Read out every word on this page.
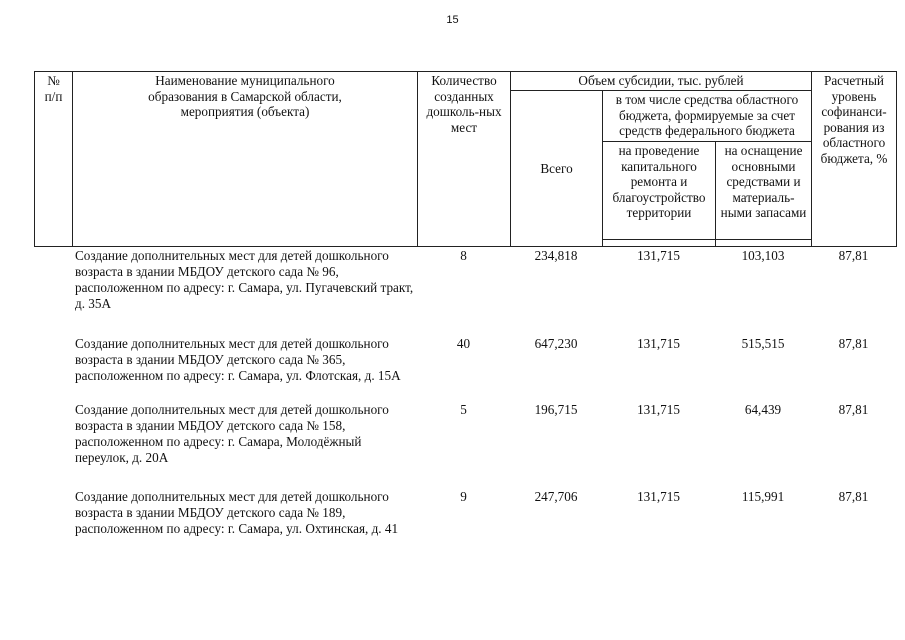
15
№
п/п	Наименование муниципального образования в Самарской области, мероприятия (объекта)	Количество созданных дошколь-ных мест	Объем субсидии, тыс. рублей			Расчетный уровень софинанси-рования из областного бюджета, %
			Всего	в том числе средства областного бюджета, формируемые за счет средств федерального бюджета		
				на проведение капитального ремонта и благоустройство территории	на оснащение основными средствами и материаль-ными запасами	

	Создание дополнительных мест для детей дошкольного возраста в здании МБДОУ детского сада № 96, расположенном по адресу: г. Самара, ул. Пугачевский тракт, д. 35А	8	234,818	131,715	103,103	87,81
	Создание дополнительных мест для детей дошкольного возраста в здании МБДОУ детского сада № 365, расположенном по адресу: г. Самара, ул. Флотская, д. 15А	40	647,230	131,715	515,515	87,81
	Создание дополнительных мест для детей дошкольного возраста в здании МБДОУ детского сада № 158, расположенном по адресу: г. Самара, Молодёжный переулок, д. 20А	5	196,715	131,715	64,439	87,81
	Создание дополнительных мест для детей дошкольного возраста в здании МБДОУ детского сада № 189, расположенном по адресу: г. Самара, ул. Охтинская, д. 41	9	247,706	131,715	115,991	87,81
